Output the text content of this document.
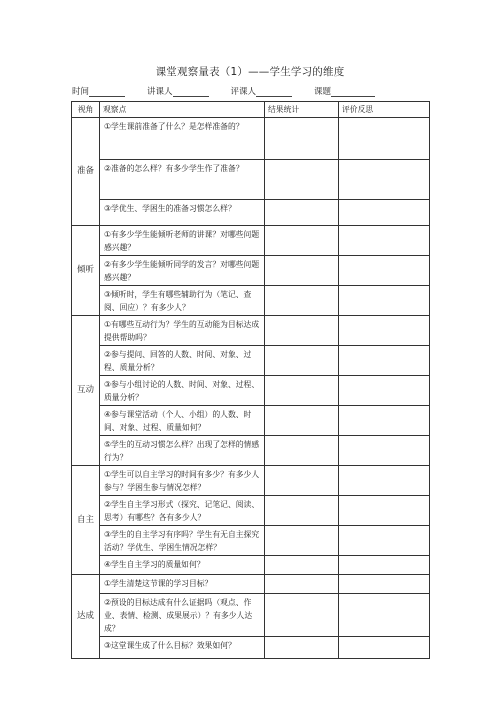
课堂观察量表（1）——学生学习的维度
时间	讲课人	评课人	课题
视角	观察点	结果统计	评价反思
准备	①学生课前准备了什么？是怎样准备的？		
	②准备的怎么样？有多少学生作了准备？		
	③学优生、学困生的准备习惯怎么样？		
倾听	①有多少学生能倾听老师的讲课？对哪些问题感兴趣？		
	②有多少学生能倾听同学的发言？对哪些问题感兴趣？		
	③倾听时，学生有哪些辅助行为（笔记、查阅、回应）？有多少人？		
互动	①有哪些互动行为？学生的互动能为目标达成提供帮助吗？		
	②参与提问、回答的人数、时间、对象、过程、质量分析？		
	③参与小组讨论的人数、时间、对象、过程、质量分析？		
	④参与课堂活动（个人、小组）的人数、时间、对象、过程、质量如何？		
	⑤学生的互动习惯怎么样？出现了怎样的情感行为？		
自主	①学生可以自主学习的时间有多少？有多少人参与？学困生参与情况怎样？		
	②学生自主学习形式（探究、记笔记、阅读、思考）有哪些？各有多少人？		
	③学生的自主学习有序吗？学生有无自主探究活动？学优生、学困生情况怎样？		
	④学生自主学习的质量如何？		
达成	①学生清楚这节课的学习目标？		
	②预设的目标达成有什么证据吗（观点、作业、表情、检测、成果展示）？有多少人达成？		
	③这堂课生成了什么目标？效果如何？		
